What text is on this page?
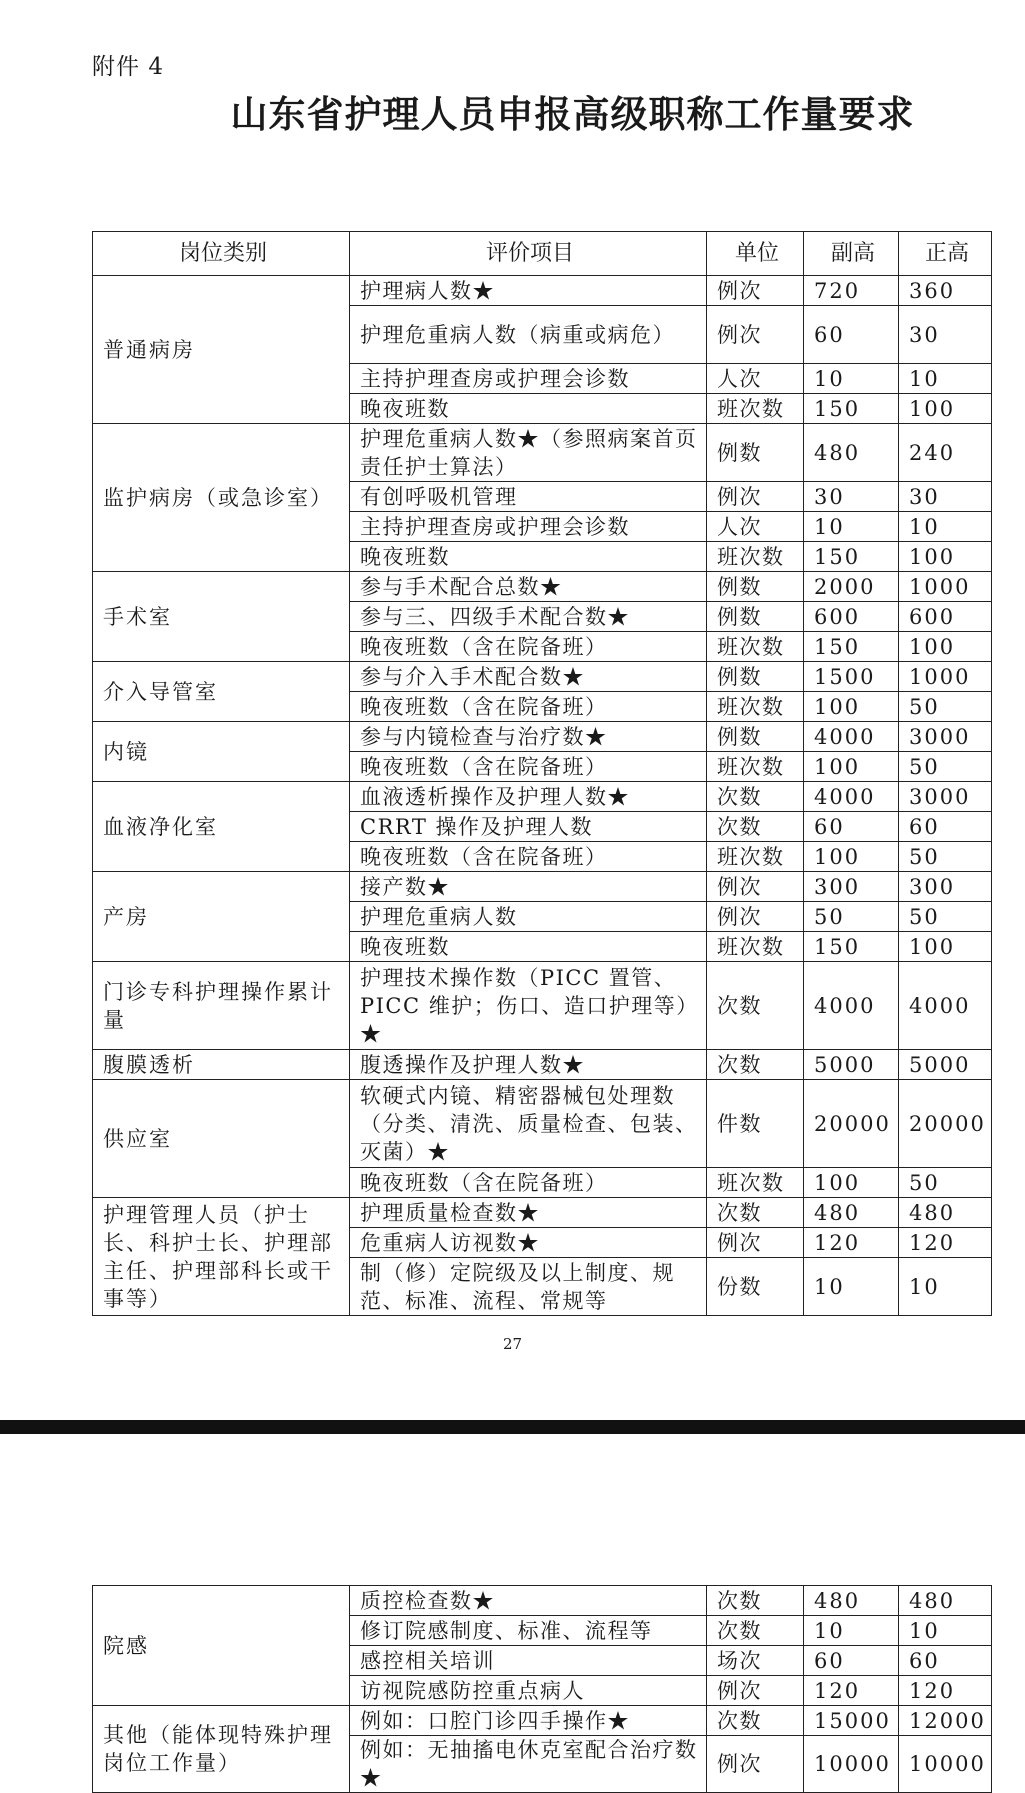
附件 4
山东省护理人员申报高级职称工作量要求
岗位类别	评价项目	单位	副高	正高
普通病房	护理病人数★	例次	720	360
	护理危重病人数（病重或病危）	例次	60	30
	主持护理查房或护理会诊数	人次	10	10
	晚夜班数	班次数	150	100
监护病房（或急诊室）	护理危重病人数★（参照病案首页责任护士算法）	例数	480	240
	有创呼吸机管理	例次	30	30
	主持护理查房或护理会诊数	人次	10	10
	晚夜班数	班次数	150	100
手术室	参与手术配合总数★	例数	2000	1000
	参与三、四级手术配合数★	例数	600	600
	晚夜班数（含在院备班）	班次数	150	100
介入导管室	参与介入手术配合数★	例数	1500	1000
	晚夜班数（含在院备班）	班次数	100	50
内镜	参与内镜检查与治疗数★	例数	4000	3000
	晚夜班数（含在院备班）	班次数	100	50
血液净化室	血液透析操作及护理人数★	次数	4000	3000
	CRRT 操作及护理人数	次数	60	60
	晚夜班数（含在院备班）	班次数	100	50
产房	接产数★	例次	300	300
	护理危重病人数	例次	50	50
	晚夜班数	班次数	150	100
门诊专科护理操作累计量	护理技术操作数（PICC 置管、PICC 维护；伤口、造口护理等）★	次数	4000	4000
腹膜透析	腹透操作及护理人数★	次数	5000	5000
供应室	软硬式内镜、精密器械包处理数（分类、清洗、质量检查、包装、灭菌）★	件数	20000	20000
	晚夜班数（含在院备班）	班次数	100	50
护理管理人员（护士长、科护士长、护理部主任、护理部科长或干事等）	护理质量检查数★	次数	480	480
	危重病人访视数★	例次	120	120
	制（修）定院级及以上制度、规范、标准、流程、常规等	份数	10	10
27
院感	质控检查数★	次数	480	480
	修订院感制度、标准、流程等	次数	10	10
	感控相关培训	场次	60	60
	访视院感防控重点病人	例次	120	120
其他（能体现特殊护理岗位工作量）	例如：口腔门诊四手操作★	次数	15000	12000
	例如：无抽搐电休克室配合治疗数★	例次	10000	10000
